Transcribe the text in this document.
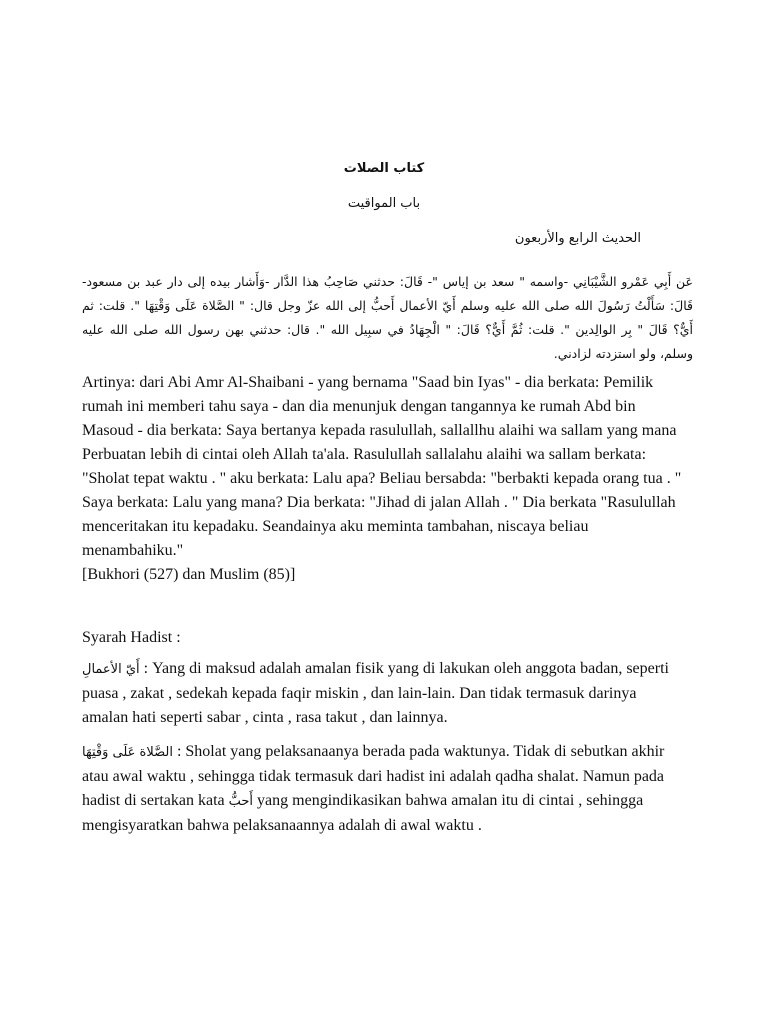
كتاب الصلات
باب المواقيت
الحديث الرابع والأربعون
عَن أَبِي عَمْرو الشَّيْبَانِي -واسمه " سعد بن إياس "- قَالَ: حدثني صَاحِبُ هذا الدَّار -وَأَشار بيده إلى دار عبد بن مسعود- قَالَ: سَأَلْتُ رَسُولَ الله صلى الله عليه وسلم أَيّ الأعمال أَحبُّ إلى الله عزّ وجل قال: " الصَّلاة عَلَى وَقْتِهَا ". قلت: ثم أَيٌّ؟ قَالَ " بِر الوالِدين ". قلت: ثُمَّ أَيٌّ؟ قَالَ: " الْجِهَادُ في سبِيل الله ". قال: حدثني بهن رسول الله صلى الله عليه وسلم، ولو استزدته لزادني.

Artinya: dari Abi Amr Al-Shaibani - yang bernama "Saad bin Iyas" - dia berkata: Pemilik rumah ini memberi tahu saya - dan dia menunjuk dengan tangannya ke rumah Abd bin Masoud - dia berkata: Saya bertanya kepada rasulullah, sallallhu alaihi wa sallam yang mana Perbuatan lebih di cintai oleh Allah ta'ala. Rasulullah sallalahu alaihi wa sallam berkata: "Sholat tepat waktu . " aku berkata: Lalu apa? Beliau bersabda: "berbakti kepada orang tua . " Saya berkata: Lalu yang mana? Dia berkata: "Jihad di jalan Allah . " Dia berkata "Rasulullah menceritakan itu kepadaku. Seandainya aku meminta tambahan, niscaya beliau menambahiku."

[Bukhori (527) dan Muslim (85)]

Syarah Hadist :

أَيّ الأعمالِ : Yang di maksud adalah amalan fisik yang di lakukan oleh anggota badan, seperti puasa , zakat , sedekah kepada faqir miskin , dan lain-lain. Dan tidak termasuk darinya amalan hati seperti sabar , cinta , rasa takut , dan lainnya.

الصَّلاة عَلَى وَقْتِهَا : Sholat yang pelaksanaanya berada pada waktunya. Tidak di sebutkan akhir atau awal waktu , sehingga tidak termasuk dari hadist ini adalah qadha shalat. Namun pada hadist di sertakan kata أَحبُّ yang mengindikasikan bahwa amalan itu di cintai , sehingga mengisyaratkan bahwa pelaksanaannya adalah di awal waktu .
